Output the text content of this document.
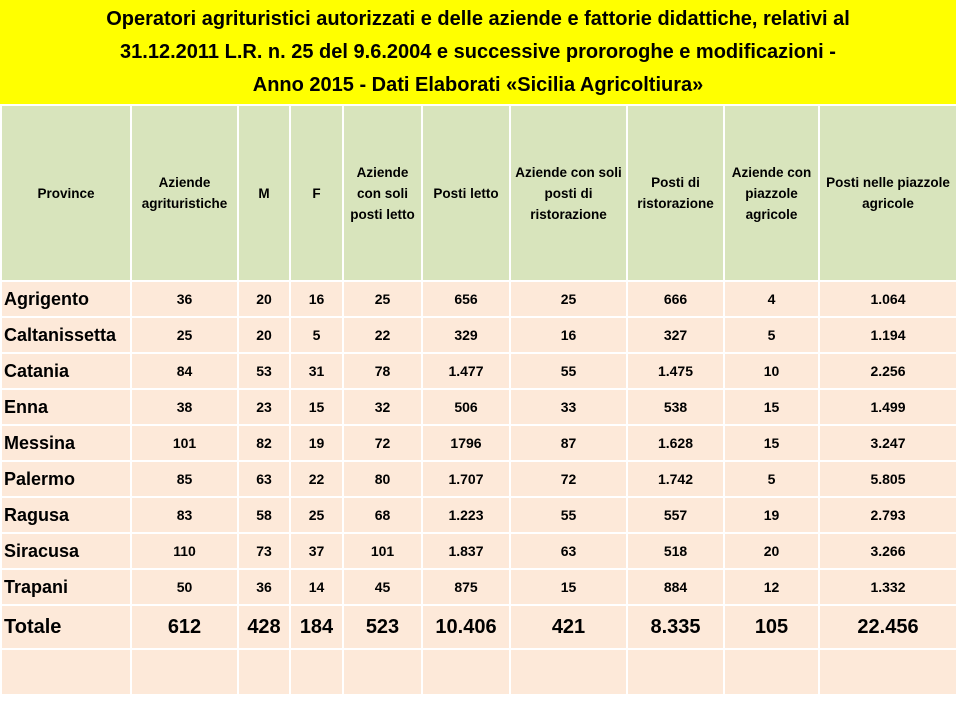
Operatori agrituristici autorizzati e delle aziende e fattorie didattiche, relativi al
31.12.2011 L.R. n. 25 del 9.6.2004 e successive prororoghe e modificazioni -
Anno 2015 - Dati Elaborati «Sicilia Agricoltiura»
Province	Aziende agrituristiche	M	F	Aziende con soli posti letto	Posti letto	Aziende con soli posti di ristorazione	Posti di ristorazione	Aziende con piazzole agricole	Posti nelle piazzole agricole
Agrigento	36	20	16	25	656	25	666	4	1.064
Caltanissetta	25	20	5	22	329	16	327	5	1.194
Catania	84	53	31	78	1.477	55	1.475	10	2.256
Enna	38	23	15	32	506	33	538	15	1.499
Messina	101	82	19	72	1796	87	1.628	15	3.247
Palermo	85	63	22	80	1.707	72	1.742	5	5.805
Ragusa	83	58	25	68	1.223	55	557	19	2.793
Siracusa	110	73	37	101	1.837	63	518	20	3.266
Trapani	50	36	14	45	875	15	884	12	1.332
Totale	612	428	184	523	10.406	421	8.335	105	22.456
